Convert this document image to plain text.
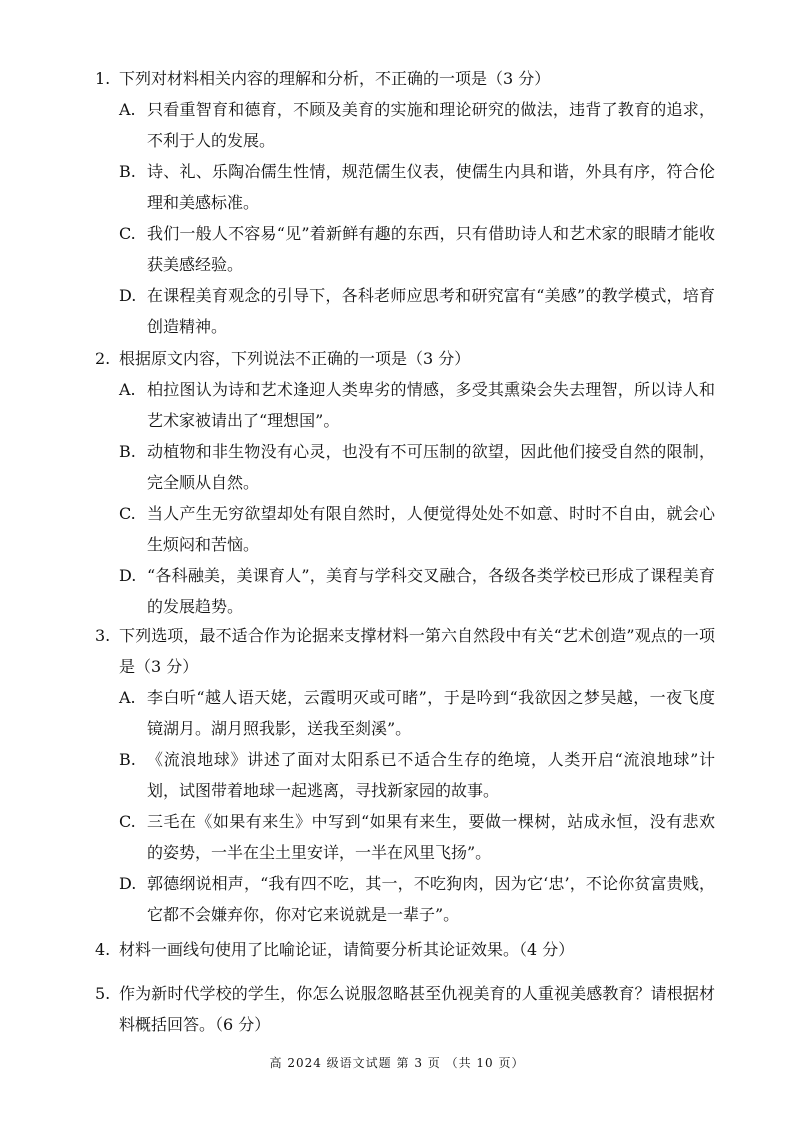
1. 下列对材料相关内容的理解和分析，不正确的一项是（3 分）
A. 只看重智育和德育，不顾及美育的实施和理论研究的做法，违背了教育的追求，不利于人的发展。
B. 诗、礼、乐陶冶儒生性情，规范儒生仪表，使儒生内具和谐，外具有序，符合伦理和美感标准。
C. 我们一般人不容易“见”着新鲜有趣的东西，只有借助诗人和艺术家的眼睛才能收获美感经验。
D. 在课程美育观念的引导下，各科老师应思考和研究富有“美感”的教学模式，培育创造精神。
2. 根据原文内容，下列说法不正确的一项是（3 分）
A. 柏拉图认为诗和艺术逢迎人类卑劣的情感，多受其熏染会失去理智，所以诗人和艺术家被请出了“理想国”。
B. 动植物和非生物没有心灵，也没有不可压制的欲望，因此他们接受自然的限制，完全顺从自然。
C. 当人产生无穷欲望却处有限自然时，人便觉得处处不如意、时时不自由，就会心生烦闷和苦恼。
D. “各科融美，美课育人”，美育与学科交叉融合，各级各类学校已形成了课程美育的发展趋势。
3. 下列选项，最不适合作为论据来支撑材料一第六自然段中有关“艺术创造”观点的一项是（3 分）
A. 李白听“越人语天姥，云霞明灭或可睹”，于是吟到“我欲因之梦吴越，一夜飞度镜湖月。湖月照我影，送我至剡溪”。
B. 《流浪地球》讲述了面对太阳系已不适合生存的绝境，人类开启“流浪地球”计划，试图带着地球一起逃离，寻找新家园的故事。
C. 三毛在《如果有来生》中写到“如果有来生，要做一棵树，站成永恒，没有悲欢的姿势，一半在尘土里安详，一半在风里飞扬”。
D. 郭德纲说相声，“我有四不吃，其一，不吃狗肉，因为它‘忠’，不论你贫富贵贱，它都不会嫌弃你，你对它来说就是一辈子”。
4. 材料一画线句使用了比喻论证，请简要分析其论证效果。（4 分）
5. 作为新时代学校的学生，你怎么说服忽略甚至仇视美育的人重视美感教育？请根据材料概括回答。（6 分）
高 2024 级语文试题 第 3 页 （共 10 页）
